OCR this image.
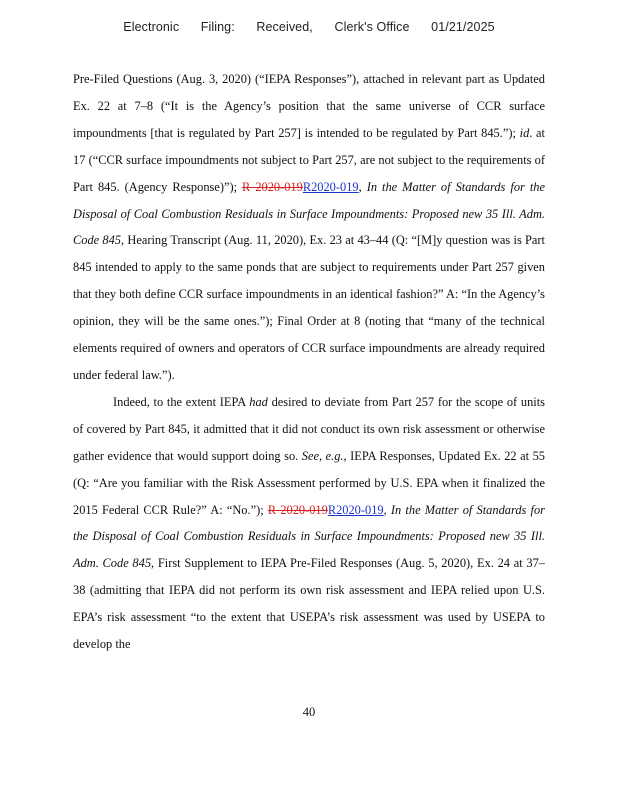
Electronic Filing: Received, Clerk's Office 01/21/2025

Pre-Filed Questions (Aug. 3, 2020) (“IEPA Responses”), attached in relevant part as Updated Ex. 22 at 7–8 (“It is the Agency’s position that the same universe of CCR surface impoundments [that is regulated by Part 257] is intended to be regulated by Part 845.”); id. at 17 (“CCR surface impoundments not subject to Part 257, are not subject to the requirements of Part 845. (Agency Response)”); R 2020-019R2020-019, In the Matter of Standards for the Disposal of Coal Combustion Residuals in Surface Impoundments: Proposed new 35 Ill. Adm. Code 845, Hearing Transcript (Aug. 11, 2020), Ex. 23 at 43–44 (Q: “[M]y question was is Part 845 intended to apply to the same ponds that are subject to requirements under Part 257 given that they both define CCR surface impoundments in an identical fashion?” A: “In the Agency’s opinion, they will be the same ones.”); Final Order at 8 (noting that “many of the technical elements required of owners and operators of CCR surface impoundments are already required under federal law.”).

Indeed, to the extent IEPA had desired to deviate from Part 257 for the scope of units of covered by Part 845, it admitted that it did not conduct its own risk assessment or otherwise gather evidence that would support doing so. See, e.g., IEPA Responses, Updated Ex. 22 at 55 (Q: “Are you familiar with the Risk Assessment performed by U.S. EPA when it finalized the 2015 Federal CCR Rule?” A: “No.”); R 2020-019R2020-019, In the Matter of Standards for the Disposal of Coal Combustion Residuals in Surface Impoundments: Proposed new 35 Ill. Adm. Code 845, First Supplement to IEPA Pre-Filed Responses (Aug. 5, 2020), Ex. 24 at 37–38 (admitting that IEPA did not perform its own risk assessment and IEPA relied upon U.S. EPA’s risk assessment “to the extent that USEPA’s risk assessment was used by USEPA to develop the

40
